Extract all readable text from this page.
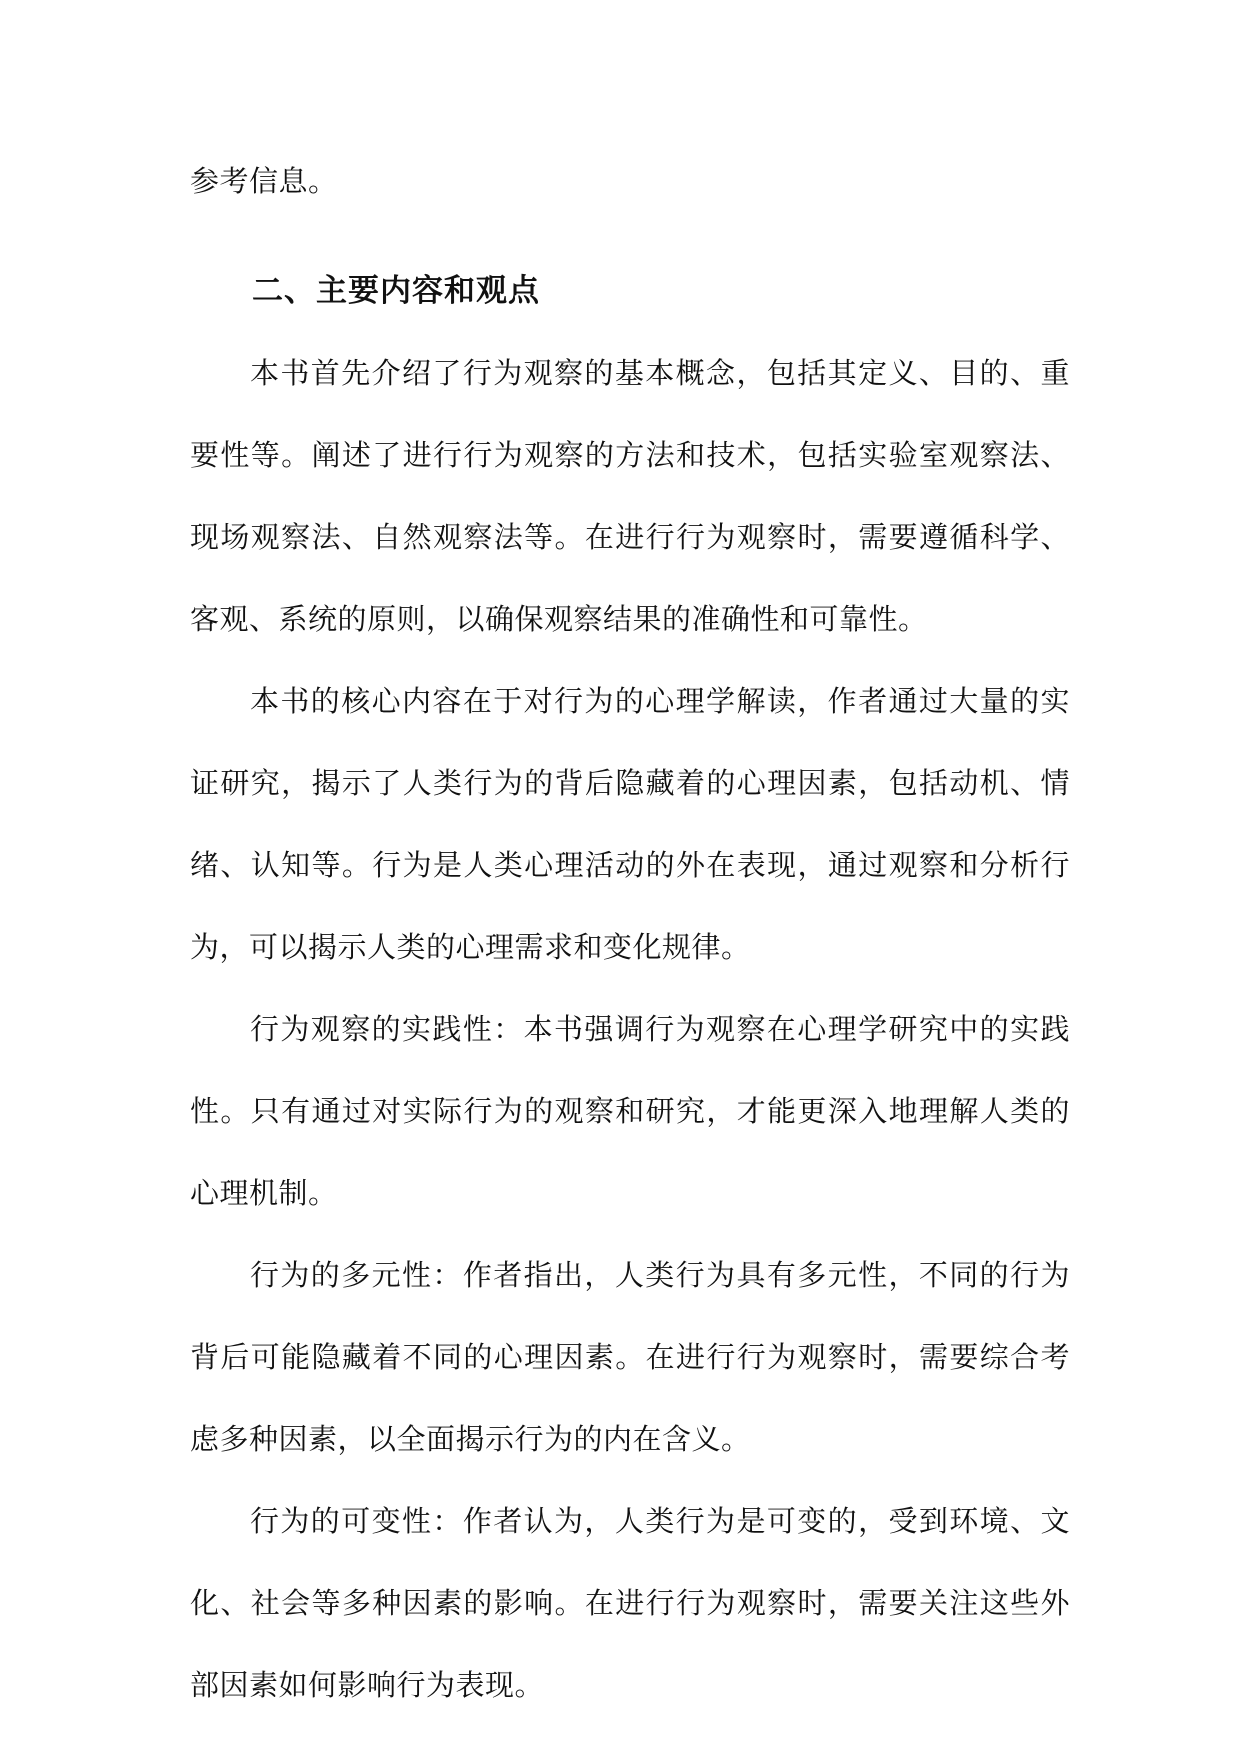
参考信息。

二、主要内容和观点

本书首先介绍了行为观察的基本概念，包括其定义、目的、重要性等。阐述了进行行为观察的方法和技术，包括实验室观察法、现场观察法、自然观察法等。在进行行为观察时，需要遵循科学、客观、系统的原则，以确保观察结果的准确性和可靠性。

本书的核心内容在于对行为的心理学解读，作者通过大量的实证研究，揭示了人类行为的背后隐藏着的心理因素，包括动机、情绪、认知等。行为是人类心理活动的外在表现，通过观察和分析行为，可以揭示人类的心理需求和变化规律。

行为观察的实践性：本书强调行为观察在心理学研究中的实践性。只有通过对实际行为的观察和研究，才能更深入地理解人类的心理机制。

行为的多元性：作者指出，人类行为具有多元性，不同的行为背后可能隐藏着不同的心理因素。在进行行为观察时，需要综合考虑多种因素，以全面揭示行为的内在含义。

行为的可变性：作者认为，人类行为是可变的，受到环境、文化、社会等多种因素的影响。在进行行为观察时，需要关注这些外部因素如何影响行为表现。
